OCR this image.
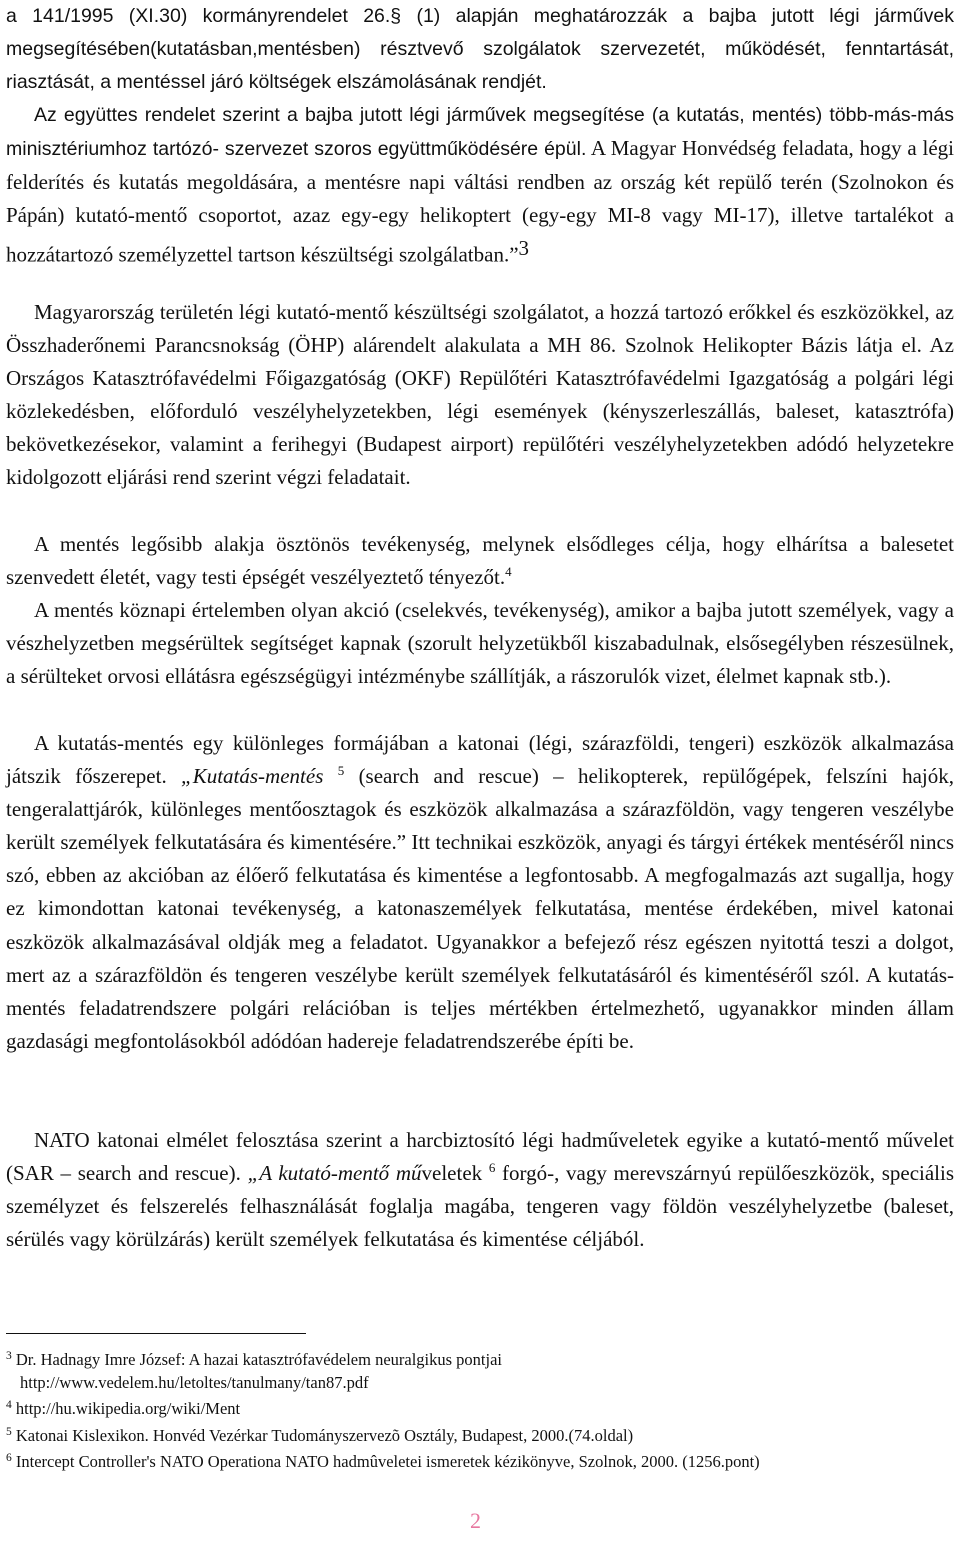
a 141/1995 (XI.30) kormányrendelet 26.§ (1) alapján meghatározzák a bajba jutott légi járművek megsegítésében(kutatásban,mentésben) résztvevő szolgálatok szervezetét, működését, fenntartását, riasztását, a mentéssel járó költségek elszámolásának rendjét.

Az együttes rendelet szerint a bajba jutott légi járművek megsegítése (a kutatás, mentés) több-más-más minisztériumhoz tartózó- szervezet szoros együttműködésére épül. A Magyar Honvédség feladata, hogy a légi felderítés és kutatás megoldására, a mentésre napi váltási rendben az ország két repülő terén (Szolnokon és Pápán) kutató-mentő csoportot, azaz egy-egy helikoptert (egy-egy MI-8 vagy MI-17), illetve tartalékot a hozzátartozó személyzettel tartson készültségi szolgálatban.”$^3$

Magyarország területén légi kutató-mentő készültségi szolgálatot, a hozzá tartozó erőkkel és eszközökkel, az Összhaderőnemi Parancsnokság (ÖHP) alárendelt alakulata a MH 86. Szolnok Helikopter Bázis látja el. Az Országos Katasztrófavédelmi Főigazgatóság (OKF) Repülőtéri Katasztrófavédelmi Igazgatóság a polgári légi közlekedésben, előforduló veszélyhelyzetekben, légi események (kényszerleszállás, baleset, katasztrófa) bekövetkezésekor, valamint a ferihegyi (Budapest airport) repülőtéri veszélyhelyzetekben adódó helyzetekre kidolgozott eljárási rend szerint végzi feladatait.

A mentés legősibb alakja ösztönös tevékenység, melynek elsődleges célja, hogy elhárítsa a balesetet szenvedett életét, vagy testi épségét veszélyeztető tényezőt.$^4$

A mentés köznapi értelemben olyan akció (cselekvés, tevékenység), amikor a bajba jutott személyek, vagy a vészhelyzetben megsérültek segítséget kapnak (szorult helyzetükből kiszabadulnak, elsősegélyben részesülnek, a sérülteket orvosi ellátásra egészségügyi intézménybe szállítják, a rászorulók vizet, élelmet kapnak stb.).

A kutatás-mentés egy különleges formájában a katonai (légi, szárazföldi, tengeri) eszközök alkalmazása játszik főszerepet. „Kutatás-mentés $^5$ (search and rescue) – helikopterek, repülőgépek, felszíni hajók, tengeralattjárók, különleges mentőosztagok és eszközök alkalmazása a szárazföldön, vagy tengeren veszélybe került személyek felkutatására és kimentésére.” Itt technikai eszközök, anyagi és tárgyi értékek mentéséről nincs szó, ebben az akcióban az élőerő felkutatása és kimentése a legfontosabb. A megfogalmazás azt sugallja, hogy ez kimondottan katonai tevékenység, a katonaszemélyek felkutatása, mentése érdekében, mivel katonai eszközök alkalmazásával oldják meg a feladatot. Ugyanakkor a befejező rész egészen nyitottá teszi a dolgot, mert az a szárazföldön és tengeren veszélybe került személyek felkutatásáról és kimentéséről szól. A kutatás-mentés feladatrendszere polgári relációban is teljes mértékben értelmezhető, ugyanakkor minden állam gazdasági megfontolásokból adódóan hadereje feladatrendszerébe építi be.

NATO katonai elmélet felosztása szerint a harcbiztosító légi hadműveletek egyike a kutató-mentő művelet (SAR – search and rescue). „A kutató-mentő műveletek $^6$ forgó-, vagy merevszárnyú repülőeszközök, speciális személyzet és felszerelés felhasználását foglalja magába, tengeren vagy földön veszélyhelyzetbe (baleset, sérülés vagy körülzárás) került személyek felkutatása és kimentése céljából.

$^3$ Dr. Hadnagy Imre József: A hazai katasztrófavédelem neuralgikus pontjai
http://www.vedelem.hu/letoltes/tanulmany/tan87.pdf
$^4$ http://hu.wikipedia.org/wiki/Ment
$^5$ Katonai Kislexikon. Honvéd Vezérkar Tudományszervezõ Osztály, Budapest, 2000.(74.oldal)
$^6$ Intercept Controller's NATO Operationa NATO hadmûveletei ismeretek kézikönyve, Szolnok, 2000. (1256.pont)
2
